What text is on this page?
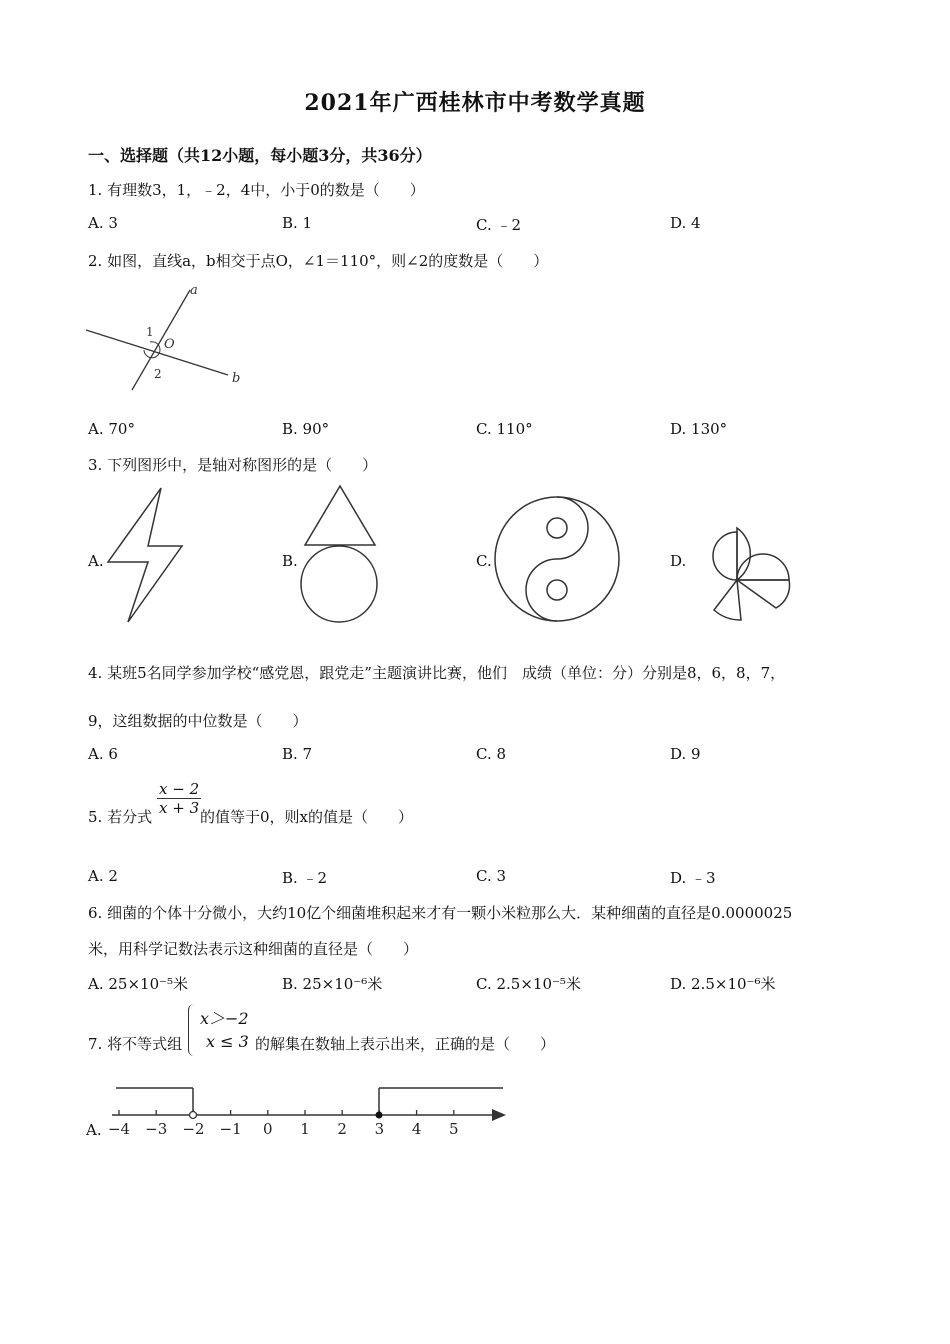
2021年广西桂林市中考数学真题
一、选择题（共12小题，每小题3分，共36分）
1. 有理数3，1，﹣2，4中，小于0的数是（　　）
A. 3	B. 1	C. ﹣2	D. 4
2. 如图，直线a，b相交于点O，∠1＝110°，则∠2的度数是（　　）
a
b
O
1
2
A. 70°	B. 90°	C. 110°	D. 130°
3. 下列图形中，是轴对称图形的是（　　）
A.	B.	C.	D.
4. 某班5名同学参加学校“感党恩，跟党走”主题演讲比赛，他们　成绩（单位：分）分别是8，6，8，7，
9，这组数据的中位数是（　　）
A. 6	B. 7	C. 8	D. 9
5. 若分式 $\frac{x - 2}{x + 3}$
的值等于0，则x的值是（　　）
A. 2	B. ﹣2	C. 3	D. ﹣3
6. 细菌的个体十分微小，大约10亿个细菌堆积起来才有一颗小米粒那么大．某种细菌的直径是0.0000025
米，用科学记数法表示这种细菌的直径是（　　）
A. 25×10⁻⁵米	B. 25×10⁻⁶米	C. 2.5×10⁻⁵米	D. 2.5×10⁻⁶米
7. 将不等式组
x＞−2
x ≤ 3 的解集在数轴上表示出来，正确的是（　　）
A. −4 −3 −2 −1 0 1 2 3 4 5
